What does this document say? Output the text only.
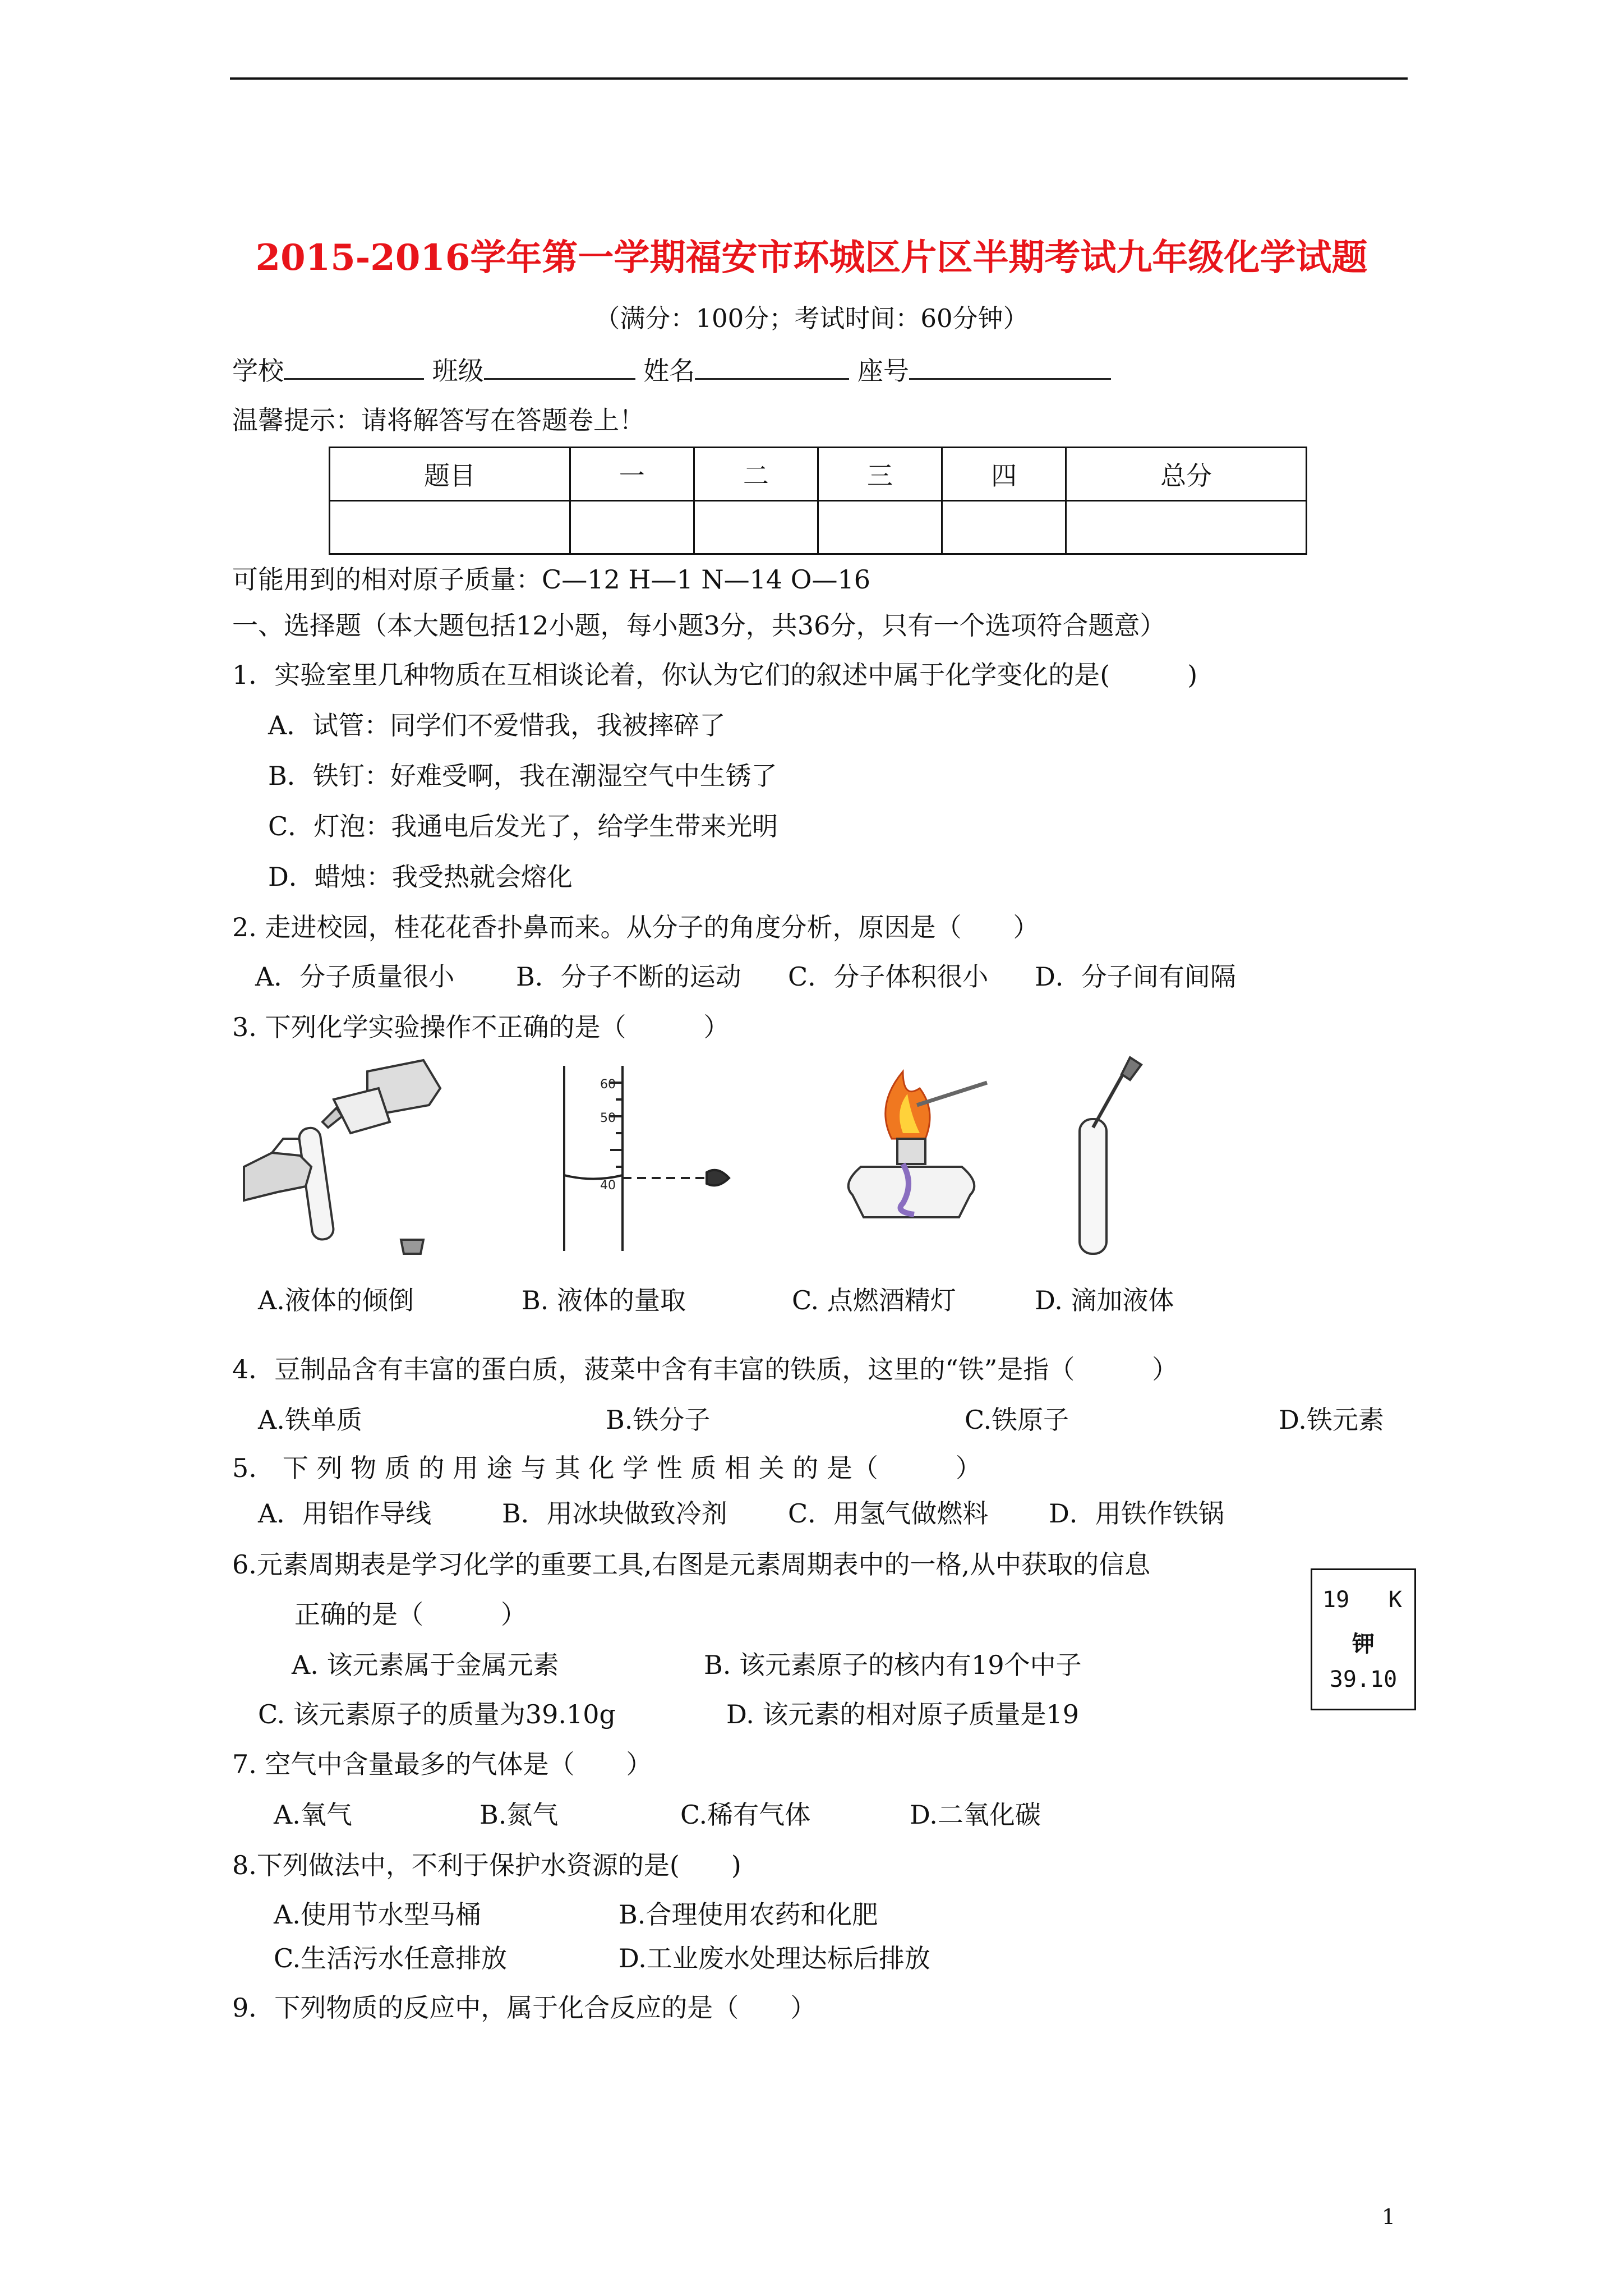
2015-2016学年第一学期福安市环城区片区半期考试九年级化学试题
（满分：100分；考试时间：60分钟）
学校	班级	姓名	座号
温馨提示：请将解答写在答题卷上！
题目	一	二	三	四	总分

可能用到的相对原子质量：C—12 H—1 N—14 O—16
一、选择题（本大题包括12小题，每小题3分，共36分，只有一个选项符合题意）
1．实验室里几种物质在互相谈论着，你认为它们的叙述中属于化学变化的是(　　　)
A．试管：同学们不爱惜我，我被摔碎了
B．铁钉：好难受啊，我在潮湿空气中生锈了
C．灯泡：我通电后发光了，给学生带来光明
D．蜡烛：我受热就会熔化
2. 走进校园，桂花花香扑鼻而来。从分子的角度分析，原因是（　　）
A．分子质量很小 B．分子不断的运动 C．分子体积很小 D．分子间有间隔
3. 下列化学实验操作不正确的是（　　　）
60
50
40
A.液体的倾倒	B. 液体的量取	C. 点燃酒精灯	D. 滴加液体
4．豆制品含有丰富的蛋白质，菠菜中含有丰富的铁质，这里的“铁”是指（　　　）
A.铁单质	B.铁分子	C.铁原子	D.铁元素
5.　下 列 物 质 的 用 途 与 其 化 学 性 质 相 关 的 是（　　　）
A．用铝作导线	B．用冰块做致冷剂 C．用氢气做燃料 D．用铁作铁锅
6.元素周期表是学习化学的重要工具,右图是元素周期表中的一格,从中获取的信息
正确的是（　　　）
A. 该元素属于金属元素	B. 该元素原子的核内有19个中子
C. 该元素原子的质量为39.10g	D. 该元素的相对原子质量是19
19 K
钾
39.10
7. 空气中含量最多的气体是（　　）
A.氧气	B.氮气	C.稀有气体	D.二氧化碳
8.下列做法中，不利于保护水资源的是(　　)
A.使用节水型马桶	B.合理使用农药和化肥
C.生活污水任意排放	D.工业废水处理达标后排放
9．下列物质的反应中，属于化合反应的是（　　）
1
